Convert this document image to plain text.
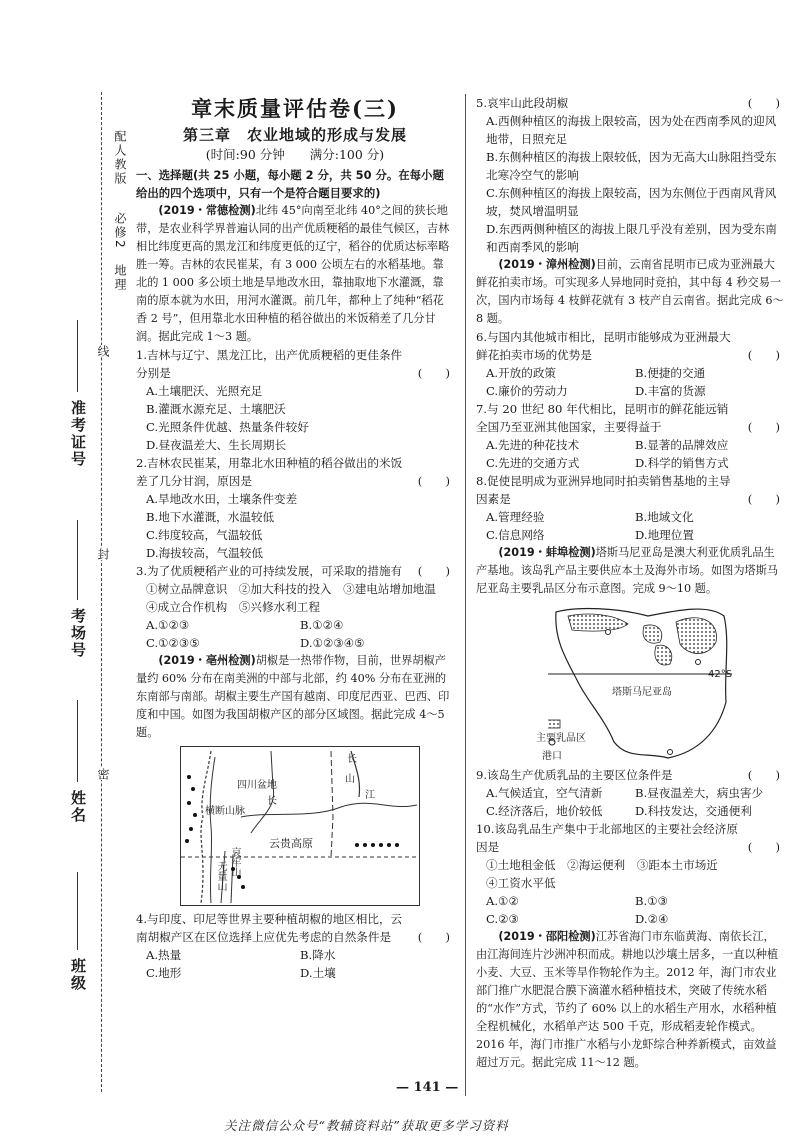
配人教版
必修2
地理
线
封
密
准考证号
考场号
姓名
班级
章末质量评估卷(三)
第三章　农业地域的形成与发展
(时间:90 分钟　　满分:100 分)
一、选择题(共 25 小题，每小题 2 分，共 50 分。在每小题
给出的四个选项中，只有一个是符合题目要求的)
(2019・常德检测)北纬 45°向南至北纬 40°之间的狭长地带，是农业科学界普遍认同的出产优质粳稻的最佳气候区，吉林相比纬度更高的黑龙江和纬度更低的辽宁，稻谷的优质达标率略胜一筹。吉林的农民崔某，有 3 000 公顷左右的水稻基地。靠北的 1 000 多公顷土地是旱地改水田，靠抽取地下水灌溉，靠南的原本就为水田，用河水灌溉。前几年，都种上了纯种“稻花香 2 号”，但用靠北水田种植的稻谷做出的米饭稍差了几分甘润。据此完成 1～3 题。
1.吉林与辽宁、黑龙江比，出产优质粳稻的更佳条件分别是	(　　)
A.土壤肥沃、光照充足
B.灌溉水源充足、土壤肥沃
C.光照条件优越、热量条件较好
D.昼夜温差大、生长周期长
2.吉林农民崔某，用靠北水田种植的稻谷做出的米饭差了几分甘润，原因是	(　　)
A.旱地改水田，土壤条件变差
B.地下水灌溉，水温较低
C.纬度较高，气温较低
D.海拔较高，气温较低
3.为了优质粳稻产业的可持续发展，可采取的措施有 (　　)
①树立品牌意识　②加大科技的投入　③建电站增加地温　④成立合作机构　⑤兴修水利工程
A.①②③	B.①②④
C.①②③⑤	D.①②③④⑤
(2019・亳州检测)胡椒是一热带作物，目前，世界胡椒产量约 60% 分布在南美洲的中部与北部，约 40% 分布在亚洲的东南部与南部。胡椒主要生产国有越南、印度尼西亚、巴西、印度和中国。如图为我国胡椒产区的部分区域图。据此完成 4～5 题。
四川盆地
长
横断山脉
云贵高原
长
山
江
哀牢山
无量山
4.与印度、印尼等世界主要种植胡椒的地区相比，云南胡椒产区在区位选择上应优先考虑的自然条件是 (　　)
A.热量	B.降水
C.地形	D.土壤
5.哀牢山此段胡椒	(　　)
A.西侧种植区的海拔上限较高，因为处在西南季风的迎风地带，日照充足
B.东侧种植区的海拔上限较低，因为无高大山脉阻挡受东北寒冷空气的影响
C.东侧种植区的海拔上限较高，因为东侧位于西南风背风坡，焚风增温明显
D.东西两侧种植区的海拔上限几乎没有差别，因为受东南和西南季风的影响
(2019・漳州检测)目前，云南省昆明市已成为亚洲最大鲜花拍卖市场。可实现多人异地同时竞拍，其中每 4 秒交易一次，国内市场每 4 枝鲜花就有 3 枝产自云南省。据此完成 6～8 题。
6.与国内其他城市相比，昆明市能够成为亚洲最大鲜花拍卖市场的优势是	(　　)
A.开放的政策	B.便捷的交通
C.廉价的劳动力	D.丰富的货源
7.与 20 世纪 80 年代相比，昆明市的鲜花能远销全国乃至亚洲其他国家，主要得益于	(　　)
A.先进的种花技术	B.显著的品牌效应
C.先进的交通方式	D.科学的销售方式
8.促使昆明成为亚洲异地同时拍卖销售基地的主导因素是	(　　)
A.管理经验	B.地域文化
C.信息网络	D.地理位置
(2019・蚌埠检测)塔斯马尼亚岛是澳大利亚优质乳品生产基地。该岛乳产品主要供应本土及海外市场。如图为塔斯马尼亚岛主要乳品区分布示意图。完成 9～10 题。
42°S
塔斯马尼亚岛
主要乳品区
港口
9.该岛生产优质乳品的主要区位条件是	(　　)
A.气候适宜，空气清新	B.昼夜温差大，病虫害少
C.经济落后，地价较低	D.科技发达，交通便利
10.该岛乳品生产集中于北部地区的主要社会经济原因是	(　　)
①土地租金低　②海运便利　③距本土市场近
④工资水平低
A.①②	B.①③
C.②③	D.②④
(2019・邵阳检测)江苏省海门市东临黄海、南依长江，由江海间连片沙洲冲积而成。耕地以沙壤土居多，一直以种植小麦、大豆、玉米等旱作物轮作为主。2012 年，海门市农业部门推广水肥混合膜下滴灌水稻种植技术，突破了传统水稻的“水作”方式，节约了 60% 以上的水稻生产用水，水稻种植全程机械化，水稻单产达 500 千克，形成稻麦轮作模式。2016 年，海门市推广水稻与小龙虾综合种养新模式，亩效益超过万元。据此完成 11～12 题。
— 141 —
关注微信公众号“教辅资料站”获取更多学习资料
